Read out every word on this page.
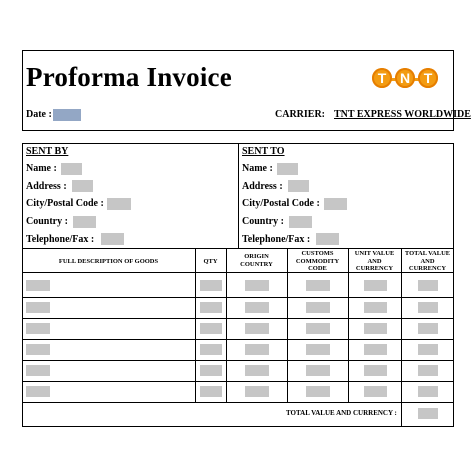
Proforma Invoice
Date :	CARRIER: TNT EXPRESS WORLDWIDE
T N T
SENT BY
Name :
Address :
City/Postal Code :
Country :
Telephone/Fax :
SENT TO
Name :
Address :
City/Postal Code :
Country :
Telephone/Fax :
FULL DESCRIPTION OF GOODS	QTY
ORIGIN COUNTRY
CUSTOMS COMMODITY CODE
UNIT VALUE AND CURRENCY
TOTAL VALUE AND CURRENCY
TOTAL VALUE AND CURRENCY :
